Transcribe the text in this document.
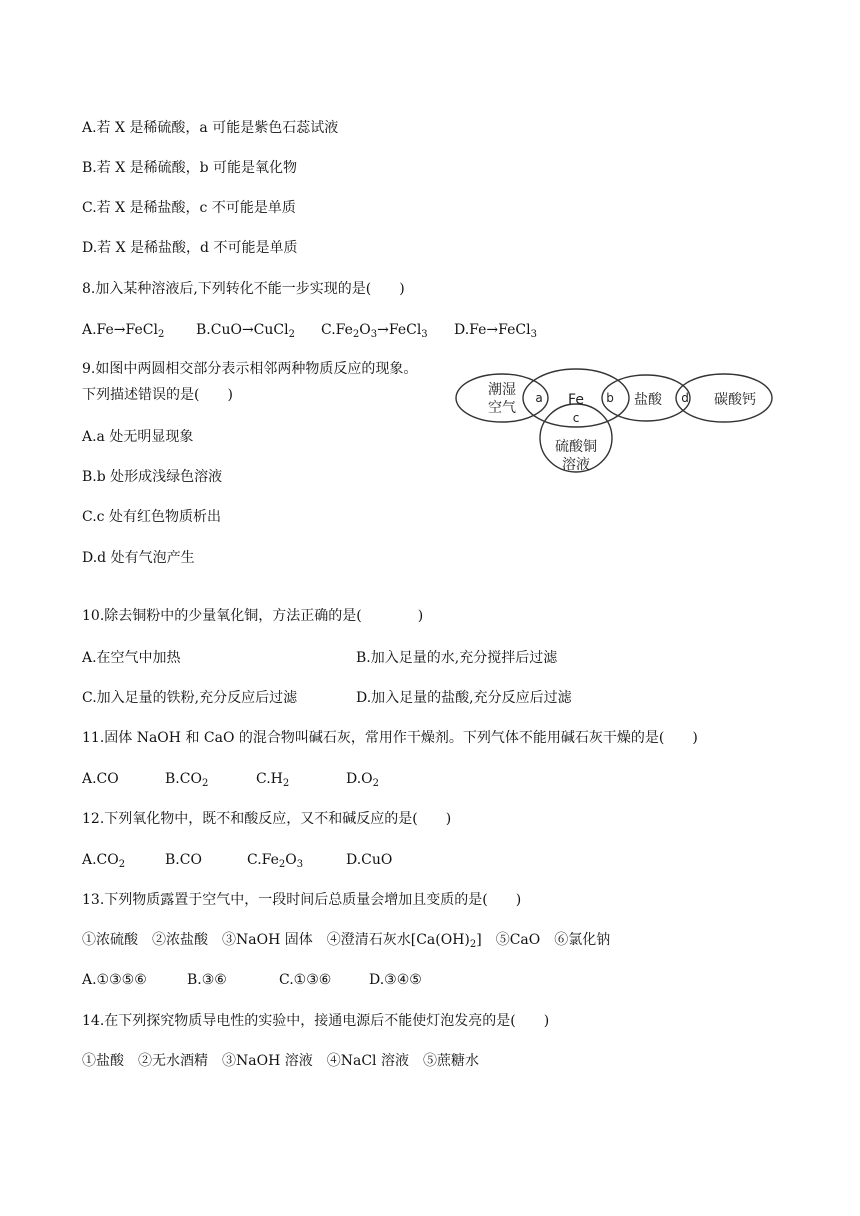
A.若 X 是稀硫酸，a 可能是紫色石蕊试液
B.若 X 是稀硫酸，b 可能是氧化物
C.若 X 是稀盐酸，c 不可能是单质
D.若 X 是稀盐酸，d 不可能是单质
8.加入某种溶液后,下列转化不能一步实现的是(　　)
A.Fe→FeCl$_2$ B.CuO→CuCl$_2$ $C.Fe_2O_3\to FeCl_3$ D.Fe→FeCl$_3$
9.如图中两圆相交部分表示相邻两种物质反应的现象。
下列描述错误的是(　　)
A.a 处无明显现象
B.b 处形成浅绿色溶液
C.c 处有红色物质析出
D.d 处有气泡产生
潮湿
空气	Fe	盐酸	碳酸钙
硫酸铜
溶液
a	b
c
d
10.除去铜粉中的少量氧化铜，方法正确的是(　　　　)
A.在空气中加热	B.加入足量的水,充分搅拌后过滤
C.加入足量的铁粉,充分反应后过滤	D.加入足量的盐酸,充分反应后过滤
11.固体 NaOH 和 CaO 的混合物叫碱石灰，常用作干燥剂。下列气体不能用碱石灰干燥的是(　　)
A.CO	$B.CO_2$	$C.H_2$	$D.O_2$
12.下列氧化物中，既不和酸反应，又不和碱反应的是(　　)
$A.CO_2$	B.CO	$C.Fe_2O_3$	D.CuO
13.下列物质露置于空气中，一段时间后总质量会增加且变质的是(　　)
①浓硫酸　②浓盐酸　③NaOH 固体　④澄清石灰水$[Ca(OH)_2]$　⑤CaO　⑥氯化钠
A.①③⑤⑥	B.③⑥	C.①③⑥	D.③④⑤
14.在下列探究物质导电性的实验中，接通电源后不能使灯泡发亮的是(　　)
①盐酸　②无水酒精　③NaOH 溶液　④NaCl 溶液　⑤蔗糖水
